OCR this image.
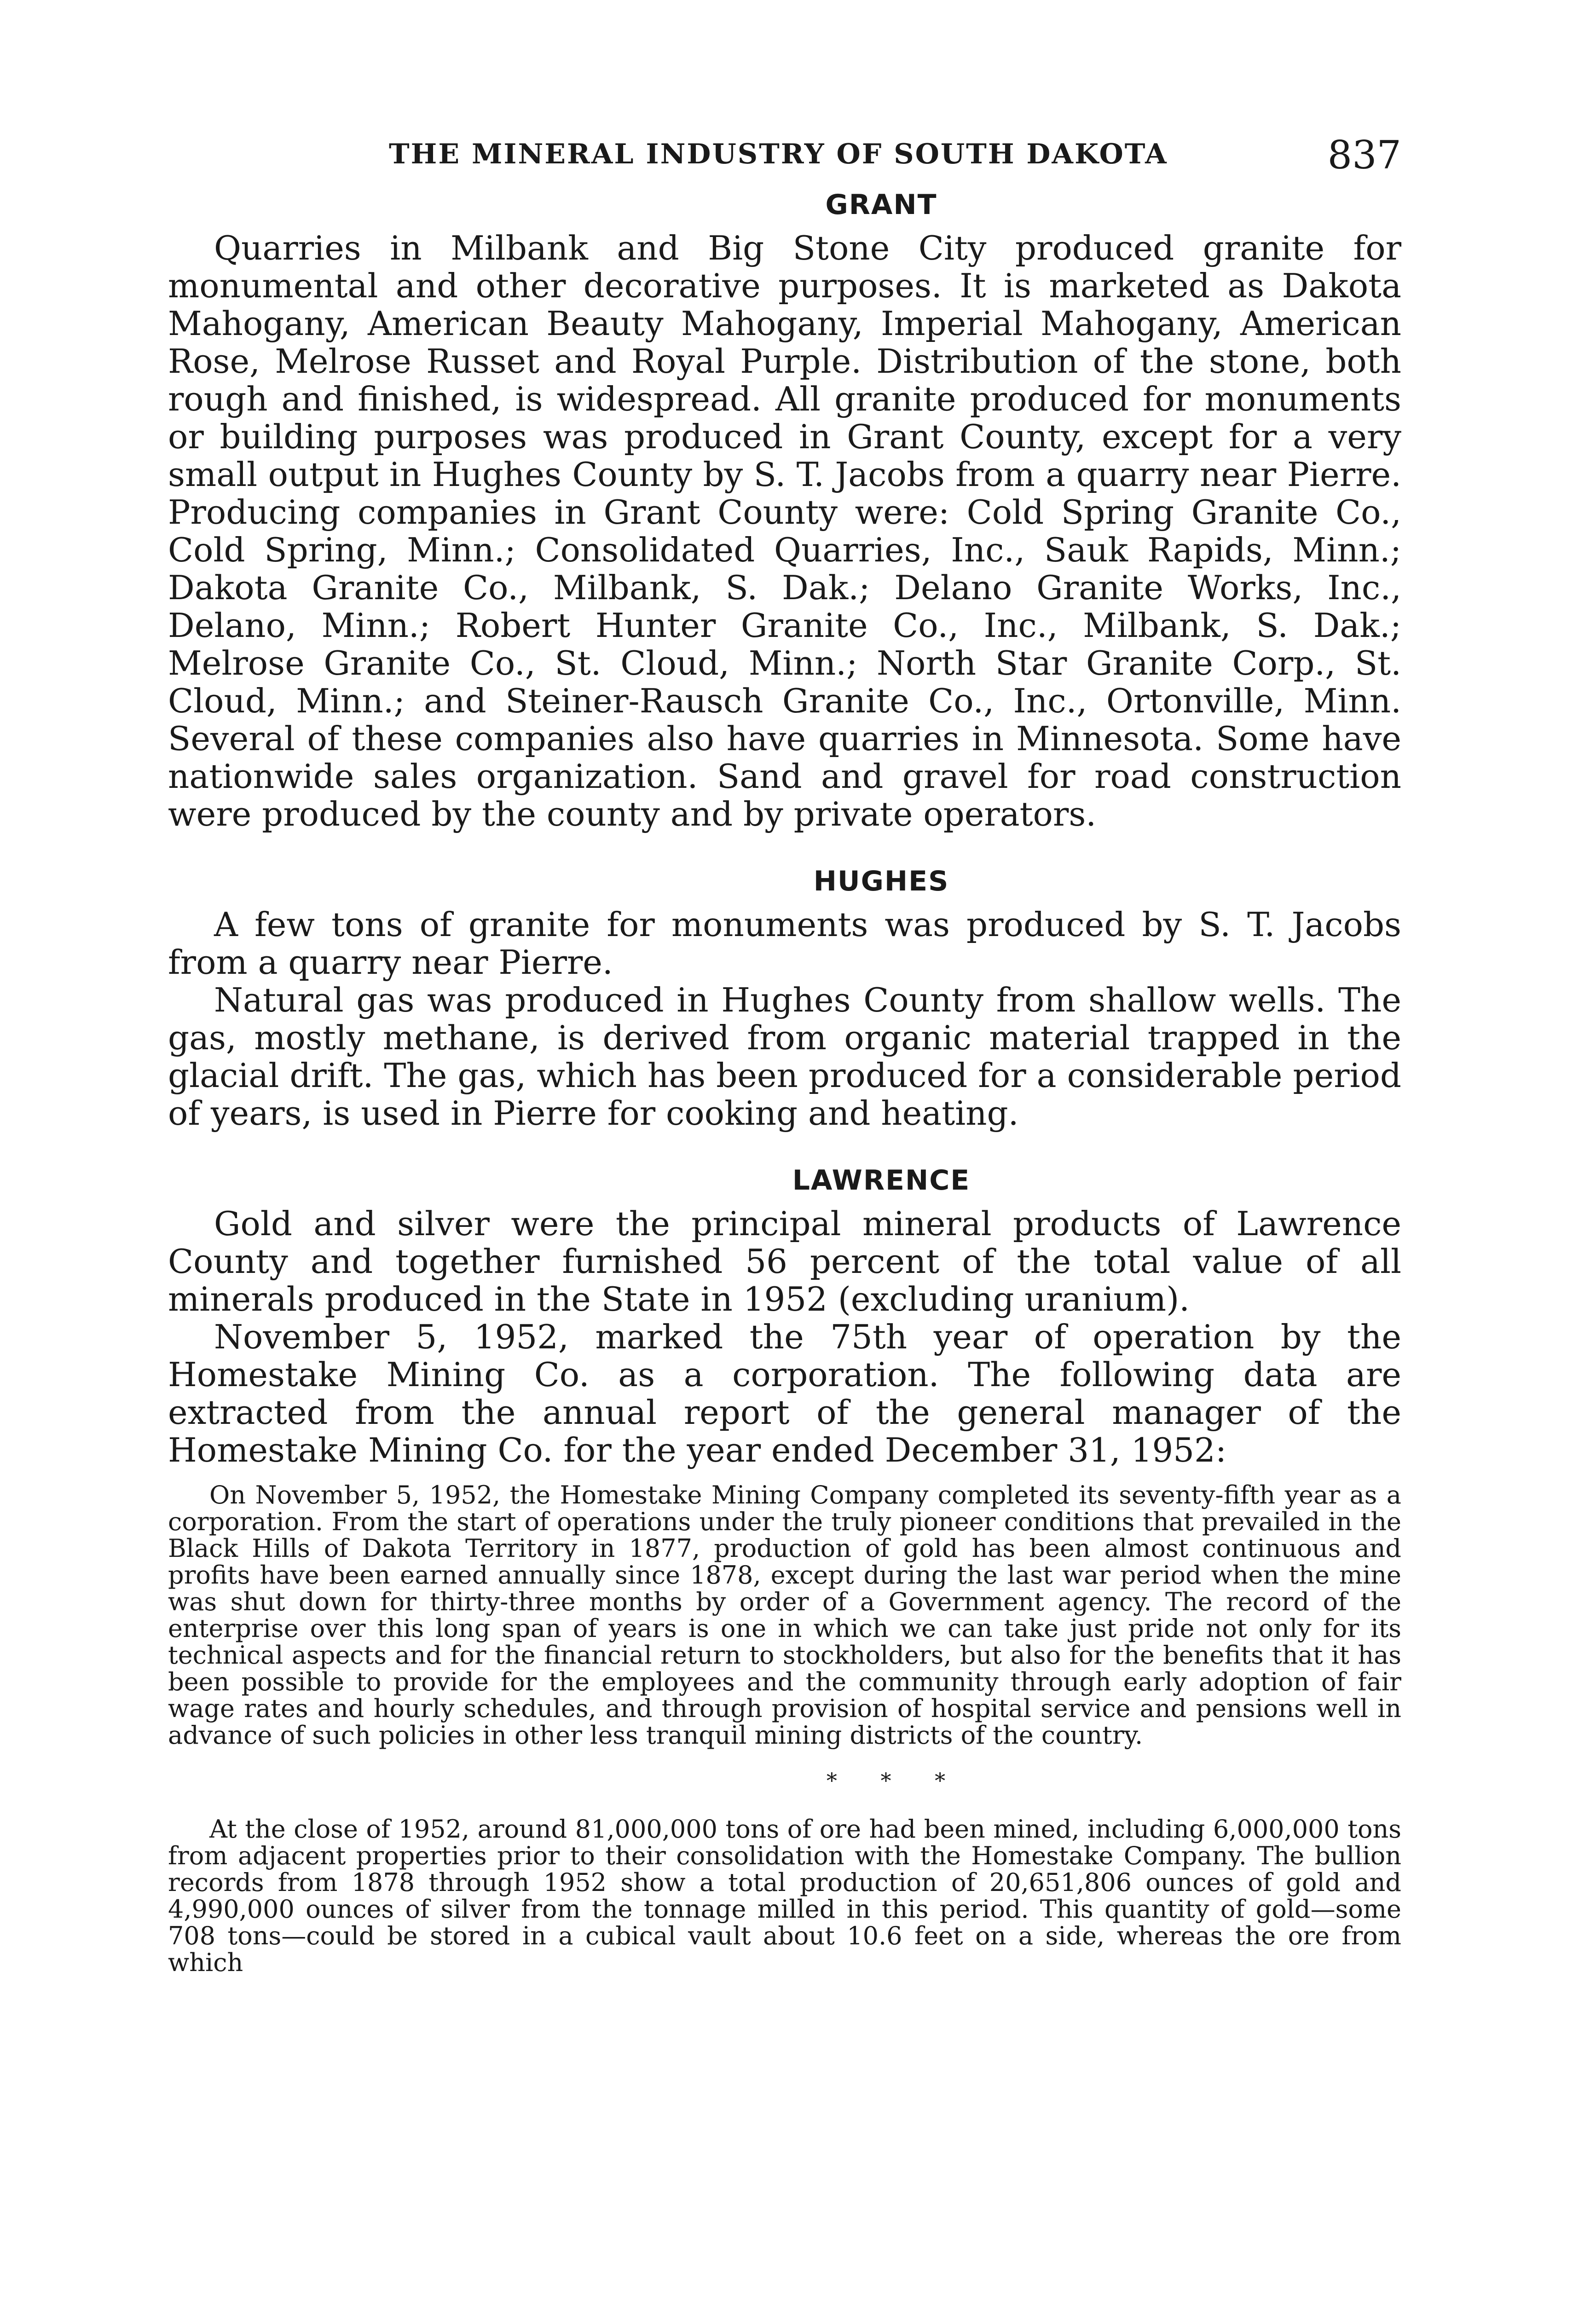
THE MINERAL INDUSTRY OF SOUTH DAKOTA	837
GRANT

Quarries in Milbank and Big Stone City produced granite for monumental and other decorative purposes. It is marketed as Dakota Mahogany, American Beauty Mahogany, Imperial Mahogany, American Rose, Melrose Russet and Royal Purple. Distribution of the stone, both rough and finished, is widespread. All granite produced for monuments or building purposes was produced in Grant County, except for a very small output in Hughes County by S. T. Jacobs from a quarry near Pierre. Producing companies in Grant County were: Cold Spring Granite Co., Cold Spring, Minn.; Consolidated Quarries, Inc., Sauk Rapids, Minn.; Dakota Granite Co., Milbank, S. Dak.; Delano Granite Works, Inc., Delano, Minn.; Robert Hunter Granite Co., Inc., Milbank, S. Dak.; Melrose Granite Co., St. Cloud, Minn.; North Star Granite Corp., St. Cloud, Minn.; and Steiner-Rausch Granite Co., Inc., Ortonville, Minn. Several of these companies also have quarries in Minnesota. Some have nationwide sales organization. Sand and gravel for road construction were produced by the county and by private operators.

HUGHES

A few tons of granite for monuments was produced by S. T. Jacobs from a quarry near Pierre.

Natural gas was produced in Hughes County from shallow wells. The gas, mostly methane, is derived from organic material trapped in the glacial drift. The gas, which has been produced for a considerable period of years, is used in Pierre for cooking and heating.

LAWRENCE

Gold and silver were the principal mineral products of Lawrence County and together furnished 56 percent of the total value of all minerals produced in the State in 1952 (excluding uranium).

November 5, 1952, marked the 75th year of operation by the Homestake Mining Co. as a corporation. The following data are extracted from the annual report of the general manager of the Homestake Mining Co. for the year ended December 31, 1952:

On November 5, 1952, the Homestake Mining Company completed its seventy-fifth year as a corporation. From the start of operations under the truly pioneer conditions that prevailed in the Black Hills of Dakota Territory in 1877, production of gold has been almost continuous and profits have been earned annually since 1878, except during the last war period when the mine was shut down for thirty-three months by order of a Government agency. The record of the enterprise over this long span of years is one in which we can take just pride not only for its technical aspects and for the financial return to stockholders, but also for the benefits that it has been possible to provide for the employees and the community through early adoption of fair wage rates and hourly schedules, and through provision of hospital service and pensions well in advance of such policies in other less tranquil mining districts of the country.

* * *

At the close of 1952, around 81,000,000 tons of ore had been mined, including 6,000,000 tons from adjacent properties prior to their consolidation with the Homestake Company. The bullion records from 1878 through 1952 show a total production of 20,651,806 ounces of gold and 4,990,000 ounces of silver from the tonnage milled in this period. This quantity of gold—some 708 tons—could be stored in a cubical vault about 10.6 feet on a side, whereas the ore from which
